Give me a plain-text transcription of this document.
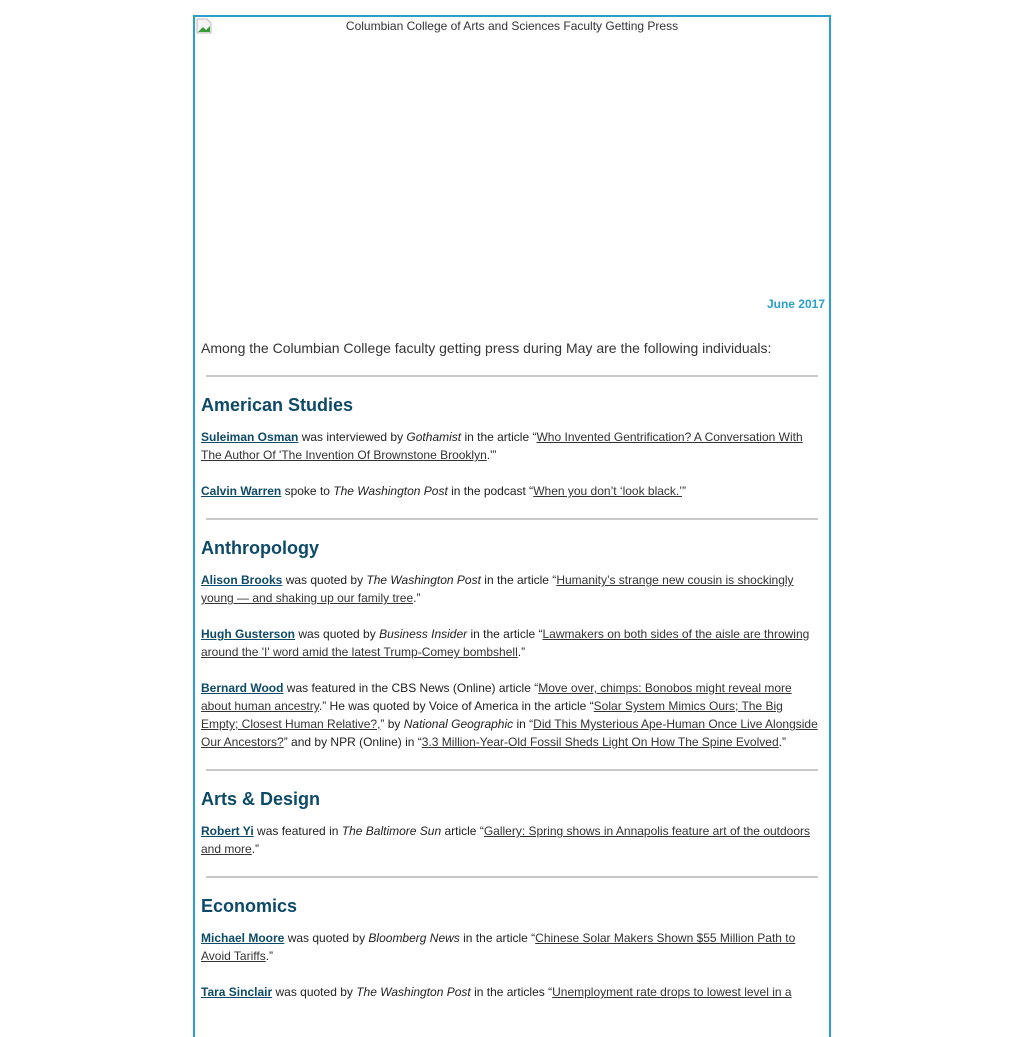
Columbian College of Arts and Sciences Faculty Getting Press
June 2017

Among the Columbian College faculty getting press during May are the following individuals:

American Studies

Suleiman Osman was interviewed by Gothamist in the article “Who Invented Gentrification? A Conversation With The Author Of 'The Invention Of Brownstone Brooklyn.'”

Calvin Warren spoke to The Washington Post in the podcast “When you don’t ‘look black.’”

Anthropology

Alison Brooks was quoted by The Washington Post in the article “Humanity’s strange new cousin is shockingly young — and shaking up our family tree.”

Hugh Gusterson was quoted by Business Insider in the article “Lawmakers on both sides of the aisle are throwing around the 'I' word amid the latest Trump-Comey bombshell.”

Bernard Wood was featured in the CBS News (Online) article “Move over, chimps: Bonobos might reveal more about human ancestry.” He was quoted by Voice of America in the article “Solar System Mimics Ours; The Big Empty; Closest Human Relative?,” by National Geographic in “Did This Mysterious Ape-Human Once Live Alongside Our Ancestors?” and by NPR (Online) in “3.3 Million-Year-Old Fossil Sheds Light On How The Spine Evolved.”

Arts & Design

Robert Yi was featured in The Baltimore Sun article “Gallery: Spring shows in Annapolis feature art of the outdoors and more.”

Economics

Michael Moore was quoted by Bloomberg News in the article “Chinese Solar Makers Shown $55 Million Path to Avoid Tariffs.”

Tara Sinclair was quoted by The Washington Post in the articles “Unemployment rate drops to lowest level in a
